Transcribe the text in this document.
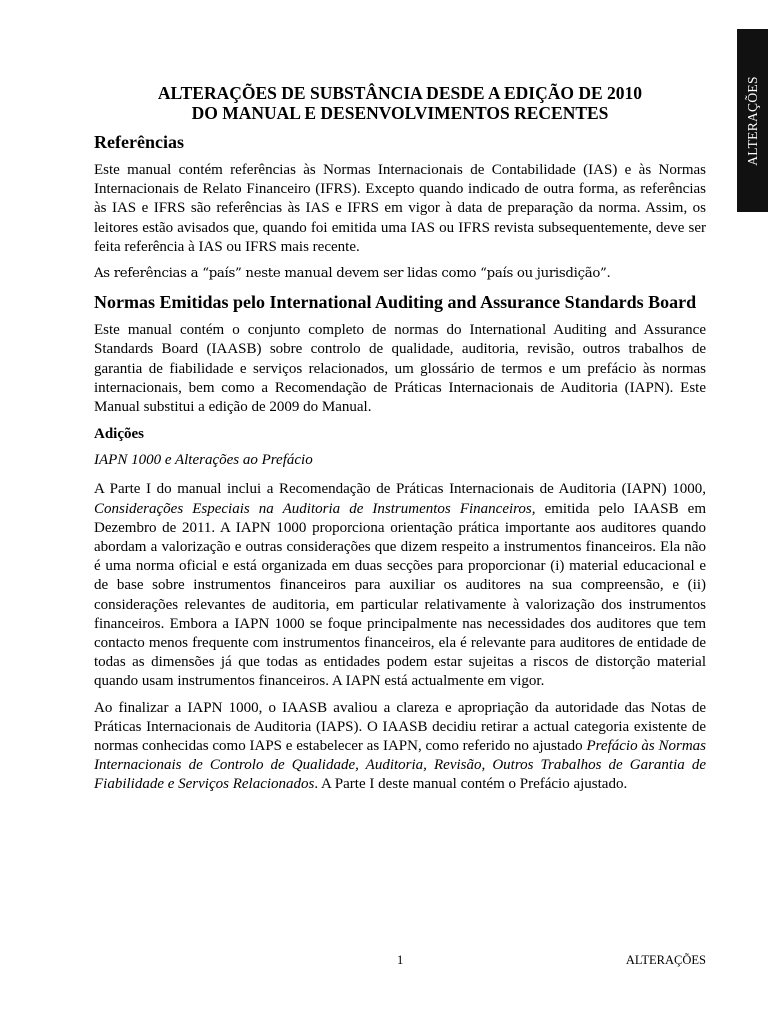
ALTERAÇÕES
ALTERAÇÕES DE SUBSTÂNCIA DESDE A EDIÇÃO DE 2010
DO MANUAL E DESENVOLVIMENTOS RECENTES
Referências

Este manual contém referências às Normas Internacionais de Contabilidade (IAS) e às Normas Internacionais de Relato Financeiro (IFRS). Excepto quando indicado de outra forma, as referências às IAS e IFRS são referências às IAS e IFRS em vigor à data de preparação da norma. Assim, os leitores estão avisados que, quando foi emitida uma IAS ou IFRS revista subsequentemente, deve ser feita referência à IAS ou IFRS mais recente.

As referências a “país” neste manual devem ser lidas como “país ou jurisdição”.

Normas Emitidas pelo International Auditing and Assurance Standards Board

Este manual contém o conjunto completo de normas do International Auditing and Assurance Standards Board (IAASB) sobre controlo de qualidade, auditoria, revisão, outros trabalhos de garantia de fiabilidade e serviços relacionados, um glossário de termos e um prefácio às normas internacionais, bem como a Recomendação de Práticas Internacionais de Auditoria (IAPN). Este Manual substitui a edição de 2009 do Manual.

Adições

IAPN 1000 e Alterações ao Prefácio

A Parte I do manual inclui a Recomendação de Práticas Internacionais de Auditoria (IAPN) 1000, Considerações Especiais na Auditoria de Instrumentos Financeiros, emitida pelo IAASB em Dezembro de 2011. A IAPN 1000 proporciona orientação prática importante aos auditores quando abordam a valorização e outras considerações que dizem respeito a instrumentos financeiros. Ela não é uma norma oficial e está organizada em duas secções para proporcionar (i) material educacional e de base sobre instrumentos financeiros para auxiliar os auditores na sua compreensão, e (ii) considerações relevantes de auditoria, em particular relativamente à valorização dos instrumentos financeiros. Embora a IAPN 1000 se foque principalmente nas necessidades dos auditores que tem contacto menos frequente com instrumentos financeiros, ela é relevante para auditores de entidade de todas as dimensões já que todas as entidades podem estar sujeitas a riscos de distorção material quando usam instrumentos financeiros. A IAPN está actualmente em vigor.

Ao finalizar a IAPN 1000, o IAASB avaliou a clareza e apropriação da autoridade das Notas de Práticas Internacionais de Auditoria (IAPS). O IAASB decidiu retirar a actual categoria existente de normas conhecidas como IAPS e estabelecer as IAPN, como referido no ajustado Prefácio às Normas Internacionais de Controlo de Qualidade, Auditoria, Revisão, Outros Trabalhos de Garantia de Fiabilidade e Serviços Relacionados. A Parte I deste manual contém o Prefácio ajustado.

1	ALTERAÇÕES
